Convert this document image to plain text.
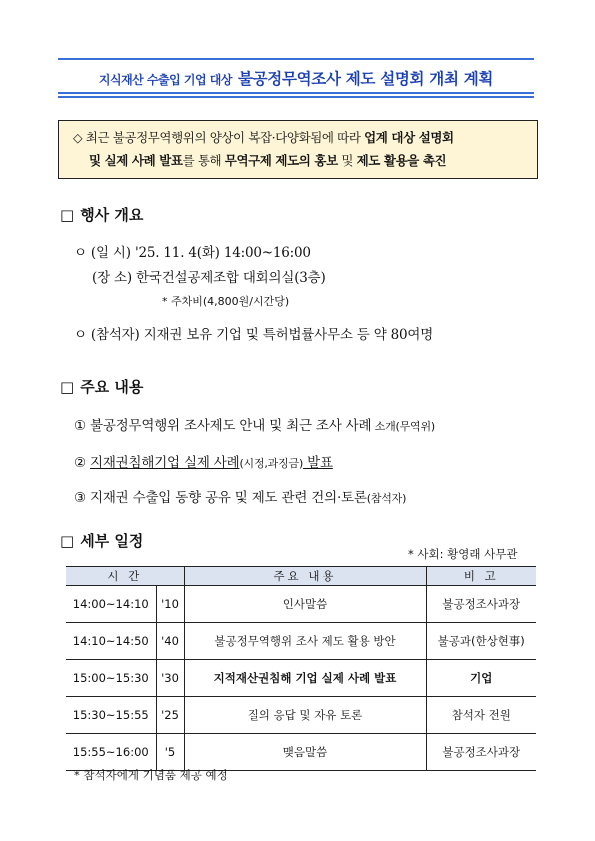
지식재산 수출입 기업 대상 불공정무역조사 제도 설명회 개최 계획
◇ 최근 불공정무역행위의 양상이 복잡·다양화됨에 따라 업계 대상 설명회
및 실제 사례 발표를 통해 무역구제 제도의 홍보 및 제도 활용을 촉진
□ 행사 개요
ㅇ (일 시) '25. 11. 4(화) 14:00~16:00
(장 소) 한국건설공제조합 대회의실(3층)
* 주차비(4,800원/시간당)
ㅇ (참석자) 지재권 보유 기업 및 특허법률사무소 등 약 80여명
□ 주요 내용
① 불공정무역행위 조사제도 안내 및 최근 조사 사례 소개(무역위)
② 지재권침해기업 실제 사례(시정,과징금) 발표
③ 지재권 수출입 동향 공유 및 제도 관련 건의·토론(참석자)
□ 세부 일정
* 사회: 황영래 사무관
시 간		주요 내용	비 고
14:00~14:10	'10	인사말씀	불공정조사과장
14:10~14:50	'40	불공정무역행위 조사 제도 활용 방안	불공과(한상현事)
15:00~15:30	'30	지적재산권침해 기업 실제 사례 발표	기업
15:30~15:55	'25	질의 응답 및 자유 토론	참석자 전원
15:55~16:00	'5	맺음말씀	불공정조사과장
* 참석자에게 기념품 제공 예정
